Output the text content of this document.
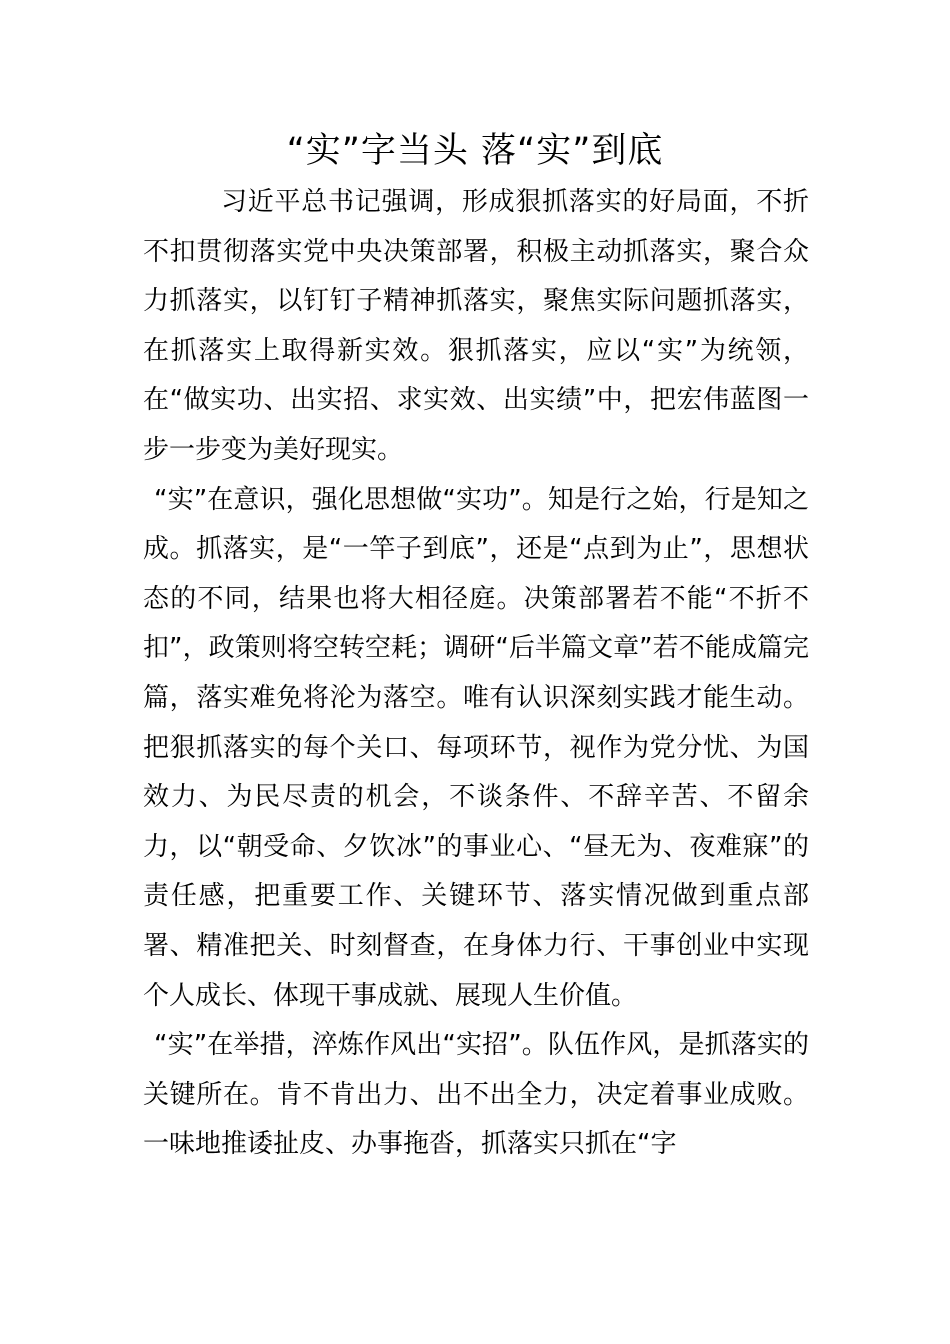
“实”字当头 落“实”到底

习近平总书记强调，形成狠抓落实的好局面，不折不扣贯彻落实党中央决策部署，积极主动抓落实，聚合众力抓落实，以钉钉子精神抓落实，聚焦实际问题抓落实，在抓落实上取得新实效。狠抓落实，应以“实”为统领，在“做实功、出实招、求实效、出实绩”中，把宏伟蓝图一步一步变为美好现实。

“实”在意识，强化思想做“实功”。知是行之始，行是知之成。抓落实，是“一竿子到底”，还是“点到为止”，思想状态的不同，结果也将大相径庭。决策部署若不能“不折不扣”，政策则将空转空耗；调研“后半篇文章”若不能成篇完篇，落实难免将沦为落空。唯有认识深刻实践才能生动。把狠抓落实的每个关口、每项环节，视作为党分忧、为国效力、为民尽责的机会，不谈条件、不辞辛苦、不留余力，以“朝受命、夕饮冰”的事业心、“昼无为、夜难寐”的责任感，把重要工作、关键环节、落实情况做到重点部署、精准把关、时刻督查，在身体力行、干事创业中实现个人成长、体现干事成就、展现人生价值。

“实”在举措，淬炼作风出“实招”。队伍作风，是抓落实的关键所在。肯不肯出力、出不出全力，决定着事业成败。一味地推诿扯皮、办事拖沓，抓落实只抓在“字
